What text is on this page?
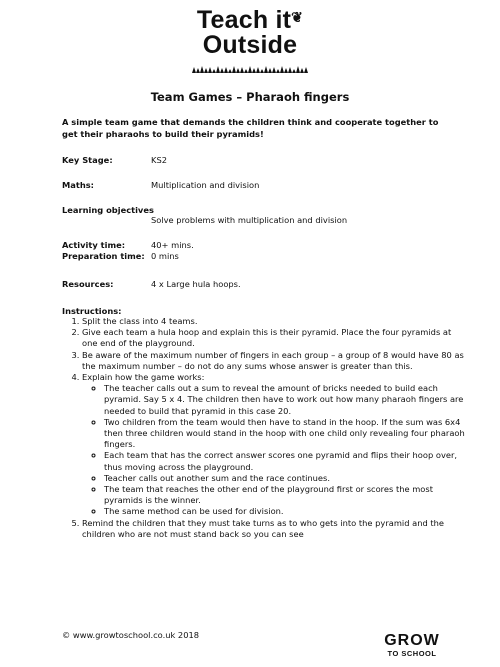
Teach it❦
Outside
Team Games – Pharaoh fingers
A simple team game that demands the children think and cooperate together to get their pharaohs to build their pyramids!
Key Stage:	KS2
Maths:	Multiplication and division
Learning objectives
Solve problems with multiplication and division
Activity time:	40+ mins.
Preparation time: 0 mins
Resources:	4 x Large hula hoops.
Instructions:
1. Split the class into 4 teams.
2. Give each team a hula hoop and explain this is their pyramid. Place the four pyramids at one end of the playground.
3. Be aware of the maximum number of fingers in each group – a group of 8 would have 80 as the maximum number – do not do any sums whose answer is greater than this.
4. Explain how the game works:
◦ The teacher calls out a sum to reveal the amount of bricks needed to build each pyramid. Say 5 x 4. The children then have to work out how many pharaoh fingers are needed to build that pyramid in this case 20.
◦ Two children from the team would then have to stand in the hoop. If the sum was 6x4 then three children would stand in the hoop with one child only revealing four pharaoh fingers.
◦ Each team that has the correct answer scores one pyramid and flips their hoop over, thus moving across the playground.
◦ Teacher calls out another sum and the race continues.
◦ The team that reaches the other end of the playground first or scores the most pyramids is the winner.
◦ The same method can be used for division.
5. Remind the children that they must take turns as to who gets into the pyramid and the children who are not must stand back so you can see
© www.growtoschool.co.uk 2018	GROW
TO SCHOOL
